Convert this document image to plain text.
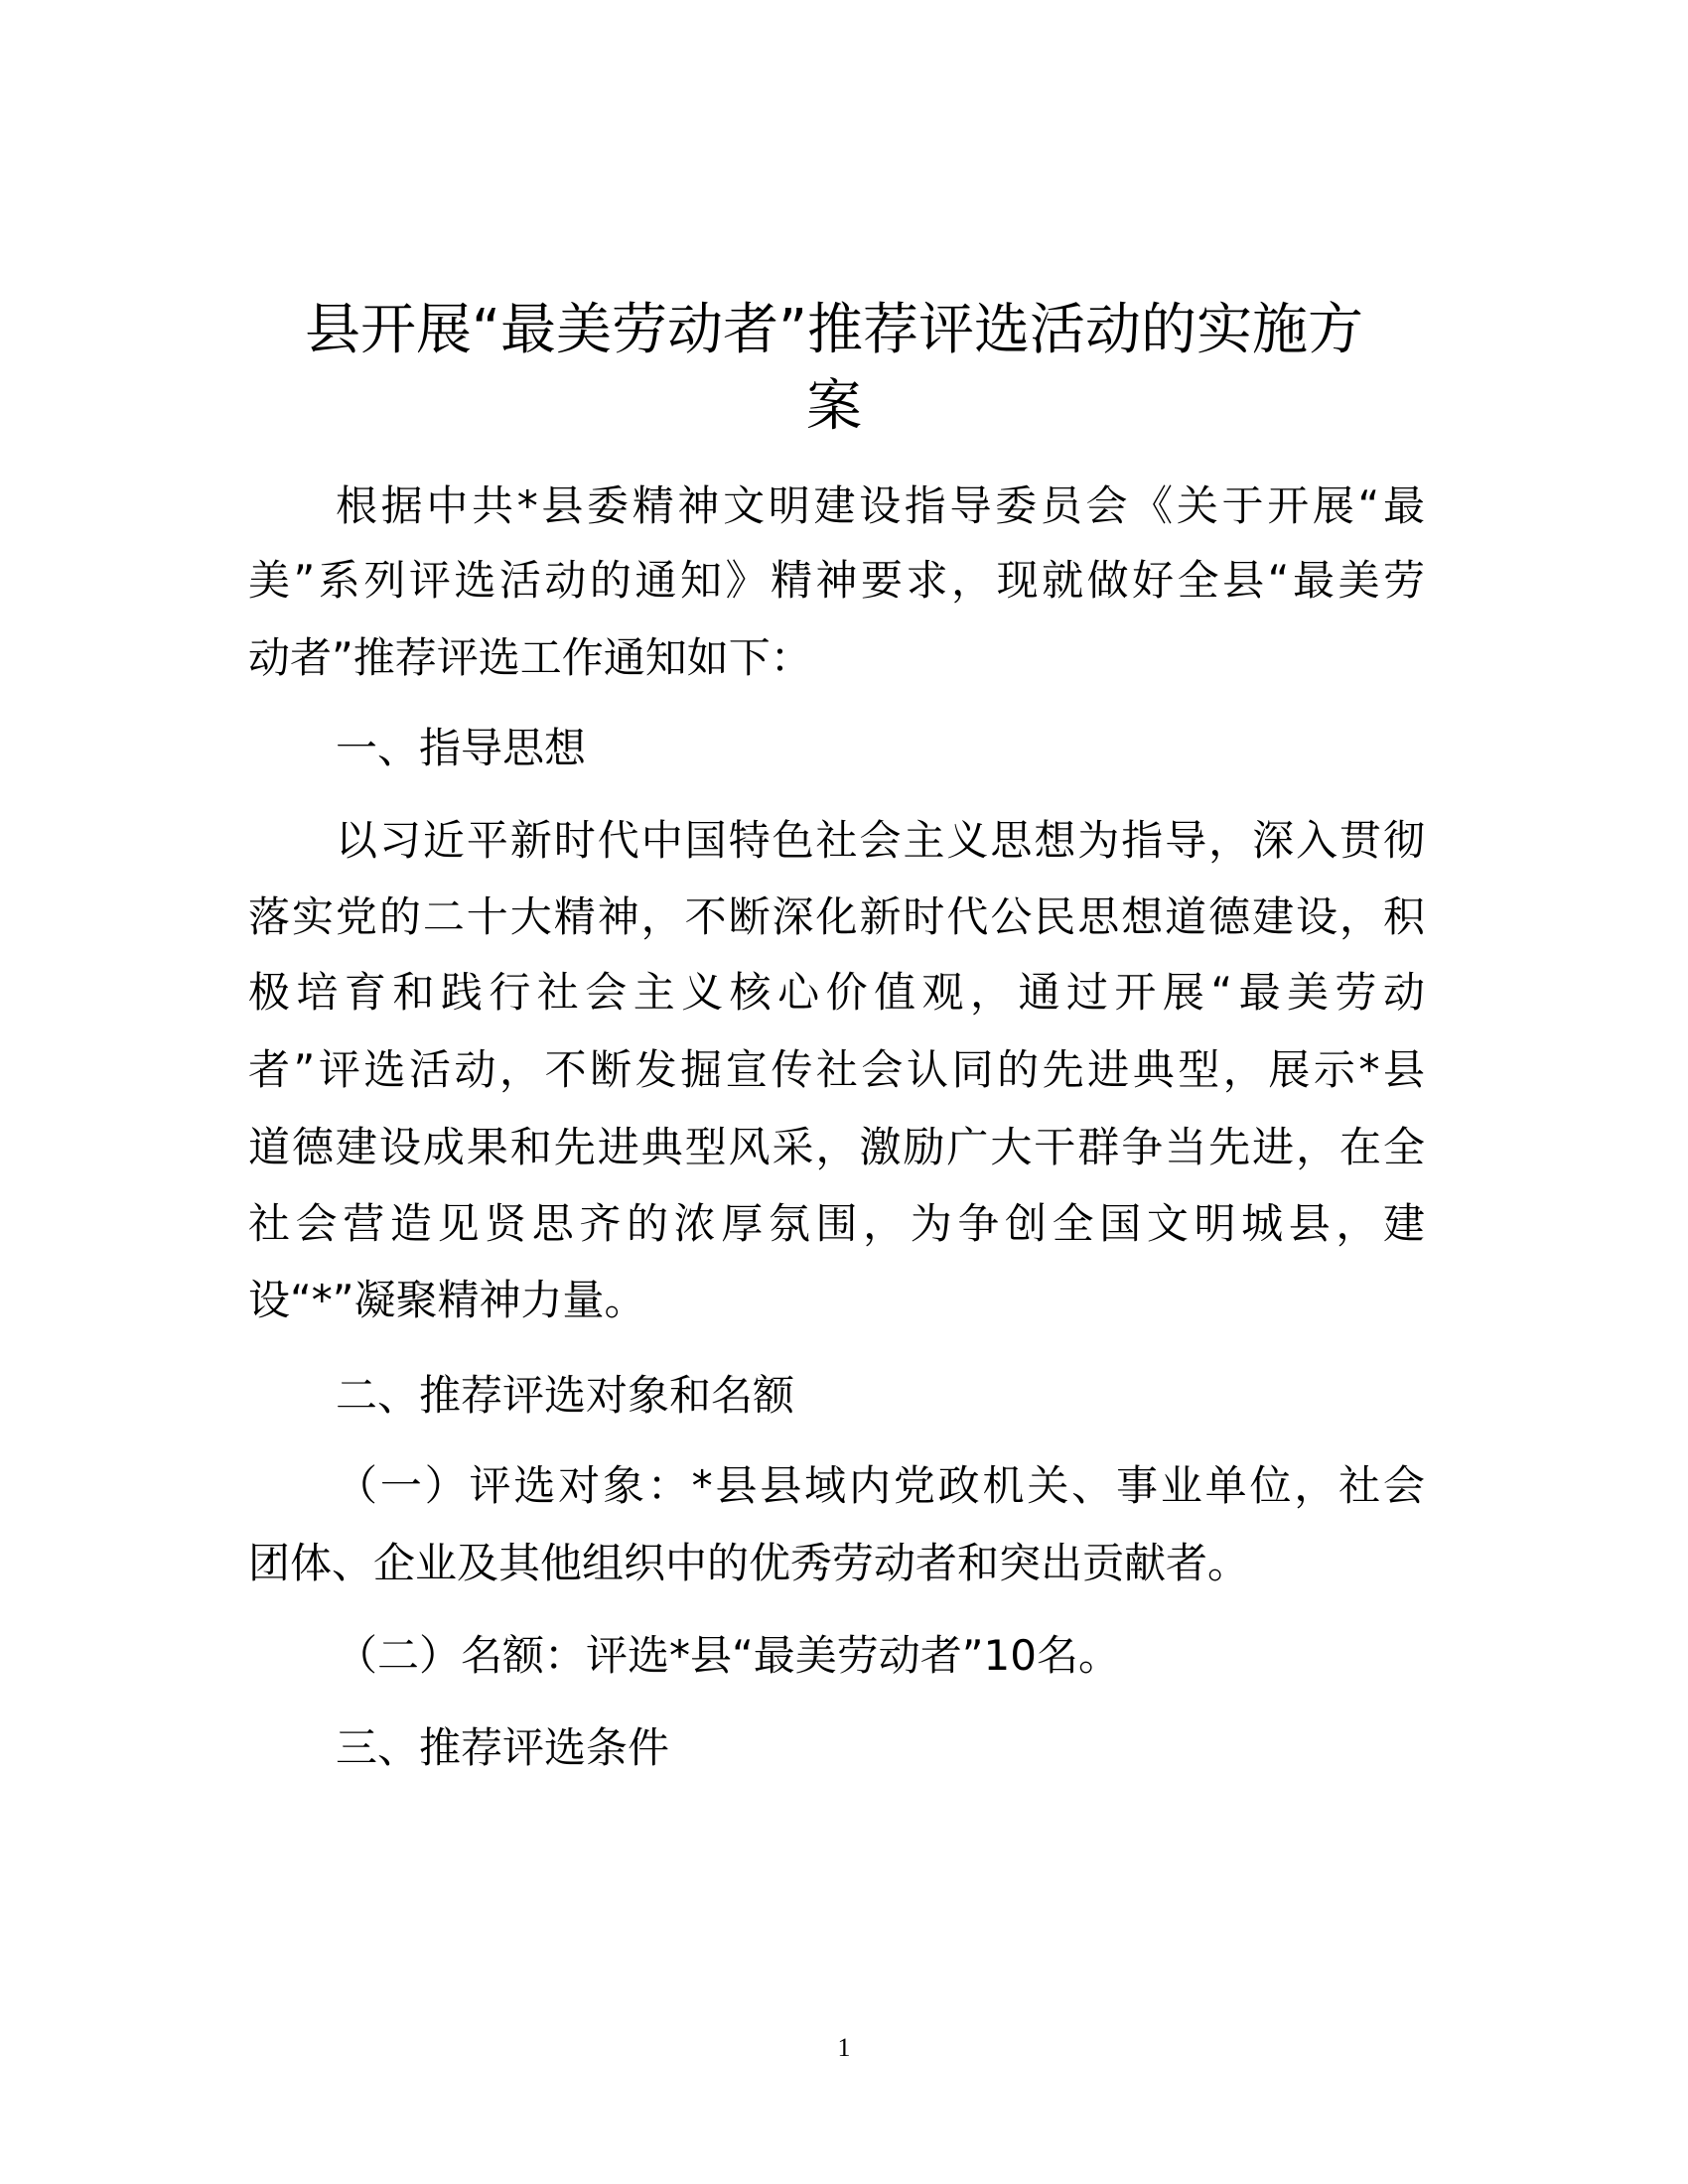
县开展“最美劳动者”推荐评选活动的实施方
案
根据中共*县委精神文明建设指导委员会《关于开展“最
美”系列评选活动的通知》精神要求，现就做好全县“最美劳
动者”推荐评选工作通知如下：
一、指导思想
以习近平新时代中国特色社会主义思想为指导，深入贯彻
落实党的二十大精神，不断深化新时代公民思想道德建设，积
极培育和践行社会主义核心价值观，通过开展“最美劳动
者”评选活动，不断发掘宣传社会认同的先进典型，展示*县
道德建设成果和先进典型风采，激励广大干群争当先进，在全
社会营造见贤思齐的浓厚氛围，为争创全国文明城县，建
设“*”凝聚精神力量。
二、推荐评选对象和名额
（一）评选对象：*县县域内党政机关、事业单位，社会
团体、企业及其他组织中的优秀劳动者和突出贡献者。
（二）名额：评选*县“最美劳动者”10名。
三、推荐评选条件
1
